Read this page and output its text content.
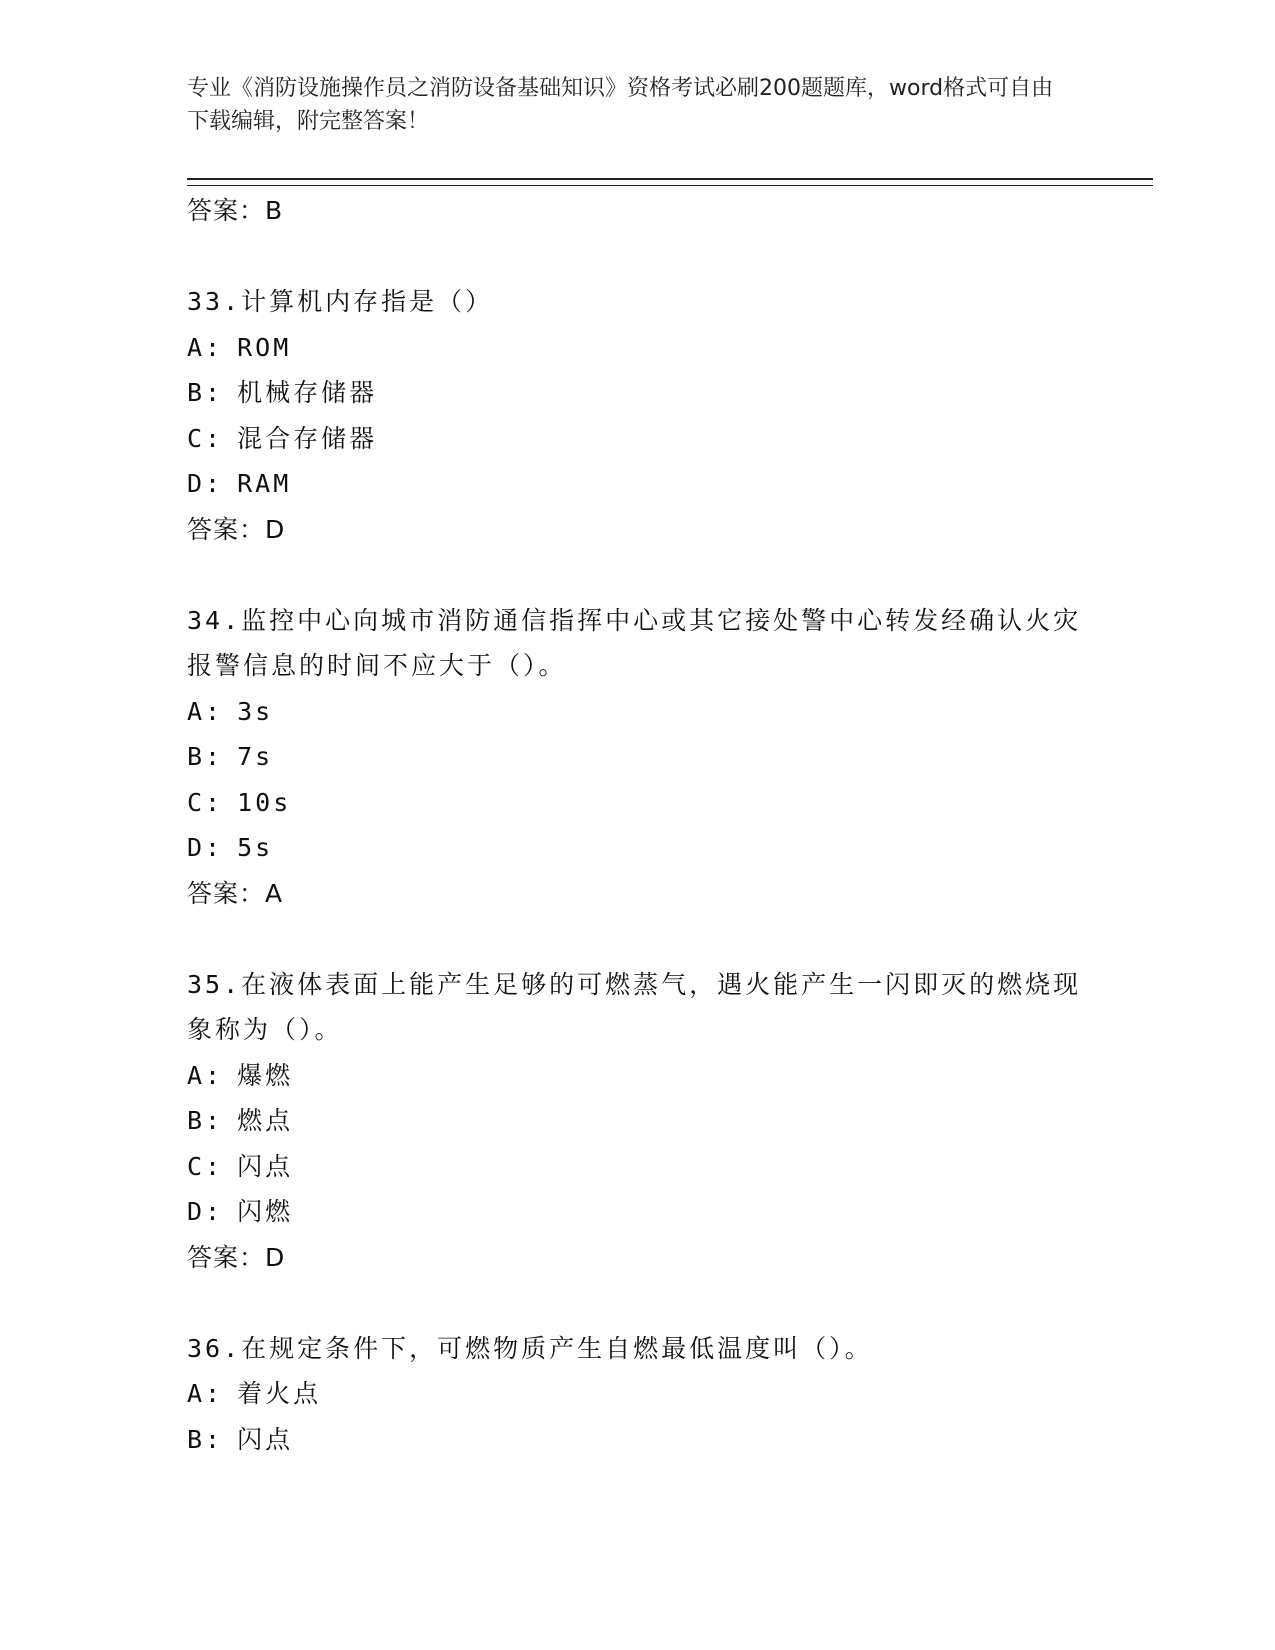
专业《消防设施操作员之消防设备基础知识》资格考试必刷200题题库，word格式可自由下载编辑，附完整答案！
答案：B
33.计算机内存指是（）
A: ROM
B: 机械存储器
C: 混合存储器
D: RAM
答案：D
34.监控中心向城市消防通信指挥中心或其它接处警中心转发经确认火灾报警信息的时间不应大于（）。
A: 3s
B: 7s
C: 10s
D: 5s
答案：A
35.在液体表面上能产生足够的可燃蒸气，遇火能产生一闪即灭的燃烧现象称为（）。
A: 爆燃
B: 燃点
C: 闪点
D: 闪燃
答案：D
36.在规定条件下，可燃物质产生自燃最低温度叫（）。
A: 着火点
B: 闪点
